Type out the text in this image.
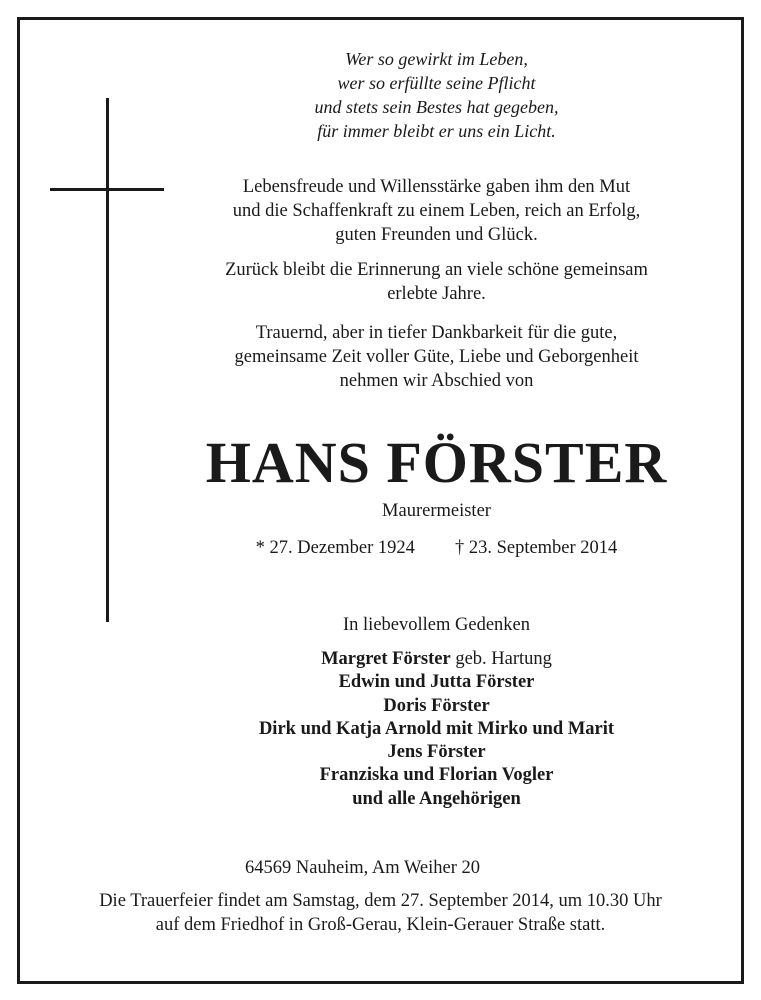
Wer so gewirkt im Leben,
wer so erfüllte seine Pflicht
und stets sein Bestes hat gegeben,
für immer bleibt er uns ein Licht.
Lebensfreude und Willensstärke gaben ihm den Mut
und die Schaffenkraft zu einem Leben, reich an Erfolg,
guten Freunden und Glück.
Zurück bleibt die Erinnerung an viele schöne gemeinsam
erlebte Jahre.
Trauernd, aber in tiefer Dankbarkeit für die gute,
gemeinsame Zeit voller Güte, Liebe und Geborgenheit
nehmen wir Abschied von
HANS FÖRSTER
Maurermeister
* 27. Dezember 1924 † 23. September 2014
In liebevollem Gedenken
Margret Förster geb. Hartung
Edwin und Jutta Förster
Doris Förster
Dirk und Katja Arnold mit Mirko und Marit
Jens Förster
Franziska und Florian Vogler
und alle Angehörigen
64569 Nauheim, Am Weiher 20
Die Trauerfeier findet am Samstag, dem 27. September 2014, um 10.30 Uhr
auf dem Friedhof in Groß-Gerau, Klein-Gerauer Straße statt.
